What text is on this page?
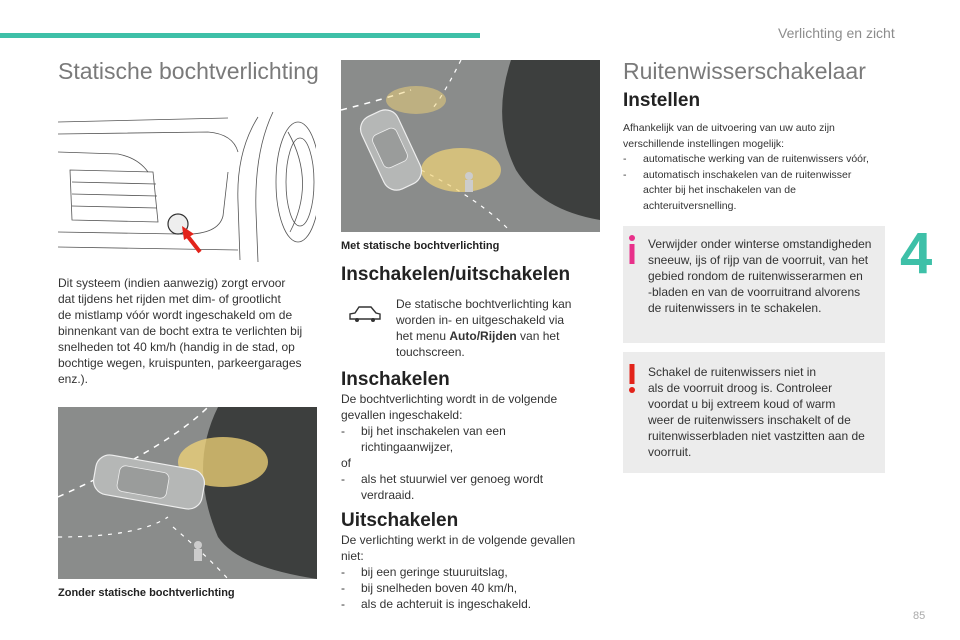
Verlichting en zicht
4
Statische bochtverlichting
Dit systeem (indien aanwezig) zorgt ervoor
dat tijdens het rijden met dim- of grootlicht
de mistlamp vóór wordt ingeschakeld om de
binnenkant van de bocht extra te verlichten bij
snelheden tot 40 km/h (handig in de stad, op
bochtige wegen, kruispunten, parkeergarages
enz.).
Zonder statische bochtverlichting
Met statische bochtverlichting
Inschakelen/uitschakelen
De statische bochtverlichting kan
worden in- en uitgeschakeld via
het menu Auto/Rijden van het
touchscreen.
Inschakelen
De bochtverlichting wordt in de volgende
gevallen ingeschakeld:
- bij het inschakelen van een
richtingaanwijzer,
of
- als het stuurwiel ver genoeg wordt
verdraaid.
Uitschakelen
De verlichting werkt in de volgende gevallen
niet:
- bij een geringe stuuruitslag,
- bij snelheden boven 40 km/h,
- als de achteruit is ingeschakeld.
Ruitenwisserschakelaar
Instellen
Afhankelijk van de uitvoering van uw auto zijn
verschillende instellingen mogelijk:
- automatische werking van de ruitenwissers vóór,
- automatisch inschakelen van de ruitenwisser
achter bij het inschakelen van de
achteruitversnelling.
Verwijder onder winterse omstandigheden
sneeuw, ijs of rijp van de voorruit, van het
gebied rondom de ruitenwisserarmen en
-bladen en van de voorruitrand alvorens
de ruitenwissers in te schakelen.
Schakel de ruitenwissers niet in
als de voorruit droog is. Controleer
voordat u bij extreem koud of warm
weer de ruitenwissers inschakelt of de
ruitenwisserbladen niet vastzitten aan de
voorruit.
85
